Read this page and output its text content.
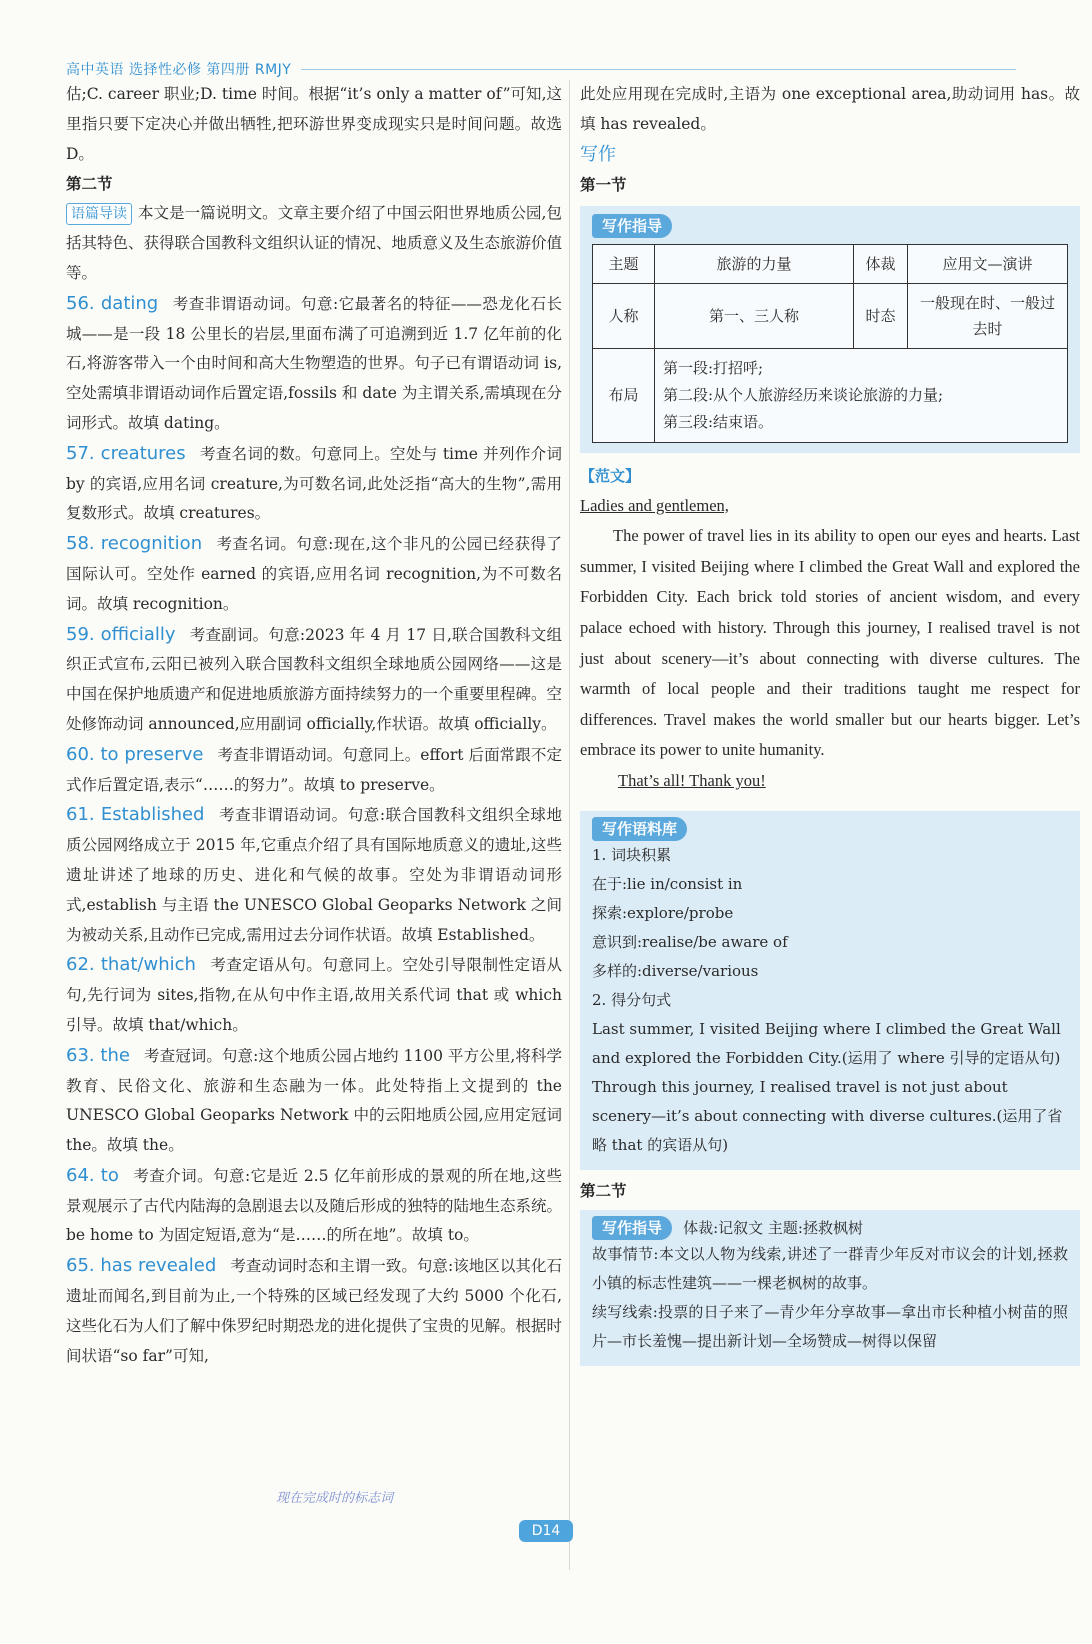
高中英语 选择性必修 第四册 RMJY

估;C. career 职业;D. time 时间。根据“it’s only a matter of”可知,这里指只要下定决心并做出牺牲,把环游世界变成现实只是时间问题。故选 D。

第二节

语篇导读 本文是一篇说明文。文章主要介绍了中国云阳世界地质公园,包括其特色、获得联合国教科文组织认证的情况、地质意义及生态旅游价值等。

56. dating 考查非谓语动词。句意:它最著名的特征——恐龙化石长城——是一段 18 公里长的岩层,里面布满了可追溯到近 1.7 亿年前的化石,将游客带入一个由时间和高大生物塑造的世界。句子已有谓语动词 is,空处需填非谓语动词作后置定语,fossils 和 date 为主谓关系,需填现在分词形式。故填 dating。

57. creatures 考查名词的数。句意同上。空处与 time 并列作介词 by 的宾语,应用名词 creature,为可数名词,此处泛指“高大的生物”,需用复数形式。故填 creatures。

58. recognition 考查名词。句意:现在,这个非凡的公园已经获得了国际认可。空处作 earned 的宾语,应用名词 recognition,为不可数名词。故填 recognition。

59. officially 考查副词。句意:2023 年 4 月 17 日,联合国教科文组织正式宣布,云阳已被列入联合国教科文组织全球地质公园网络——这是中国在保护地质遗产和促进地质旅游方面持续努力的一个重要里程碑。空处修饰动词 announced,应用副词 officially,作状语。故填 officially。

60. to preserve 考查非谓语动词。句意同上。effort 后面常跟不定式作后置定语,表示“……的努力”。故填 to preserve。

61. Established 考查非谓语动词。句意:联合国教科文组织全球地质公园网络成立于 2015 年,它重点介绍了具有国际地质意义的遗址,这些遗址讲述了地球的历史、进化和气候的故事。空处为非谓语动词形式,establish 与主语 the UNESCO Global Geoparks Network 之间为被动关系,且动作已完成,需用过去分词作状语。故填 Established。

62. that/which 考查定语从句。句意同上。空处引导限制性定语从句,先行词为 sites,指物,在从句中作主语,故用关系代词 that 或 which 引导。故填 that/which。

63. the 考查冠词。句意:这个地质公园占地约 1100 平方公里,将科学教育、民俗文化、旅游和生态融为一体。此处特指上文提到的 the UNESCO Global Geoparks Network 中的云阳地质公园,应用定冠词 the。故填 the。

64. to 考查介词。句意:它是近 2.5 亿年前形成的景观的所在地,这些景观展示了古代内陆海的急剧退去以及随后形成的独特的陆地生态系统。be home to 为固定短语,意为“是……的所在地”。故填 to。

65. has revealed 考查动词时态和主谓一致。句意:该地区以其化石遗址而闻名,到目前为止,一个特殊的区域已经发现了大约 5000 个化石,这些化石为人们了解中侏罗纪时期恐龙的进化提供了宝贵的见解。根据时间状语“so far”可知,

现在完成时的标志词

此处应用现在完成时,主语为 one exceptional area,助动词用 has。故填 has revealed。

写作
第一节
写作指导
主题	旅游的力量	体裁	应用文—演讲
人称	第一、三人称	时态	一般现在时、一般过去时
布局	第一段:打招呼;
第二段:从个人旅游经历来谈论旅游的力量;
第三段:结束语。		
【范文】
Ladies and gentlemen,

The power of travel lies in its ability to open our eyes and hearts. Last summer, I visited Beijing where I climbed the Great Wall and explored the Forbidden City. Each brick told stories of ancient wisdom, and every palace echoed with history. Through this journey, I realised travel is not just about scenery—it’s about connecting with diverse cultures. The warmth of local people and their traditions taught me respect for differences. Travel makes the world smaller but our hearts bigger. Let’s embrace its power to unite humanity.

That’s all! Thank you!
写作语料库

1. 词块积累

在于:lie in/consist in

探索:explore/probe

意识到:realise/be aware of

多样的:diverse/various

2. 得分句式

Last summer, I visited Beijing where I climbed the Great Wall and explored the Forbidden City.(运用了 where 引导的定语从句)

Through this journey, I realised travel is not just about scenery—it’s about connecting with diverse cultures.(运用了省略 that 的宾语从句)

第二节
写作指导 体裁:记叙文 主题:拯救枫树

故事情节:本文以人物为线索,讲述了一群青少年反对市议会的计划,拯救小镇的标志性建筑——一棵老枫树的故事。

续写线索:投票的日子来了—青少年分享故事—拿出市长种植小树苗的照片—市长羞愧—提出新计划—全场赞成—树得以保留

D14
